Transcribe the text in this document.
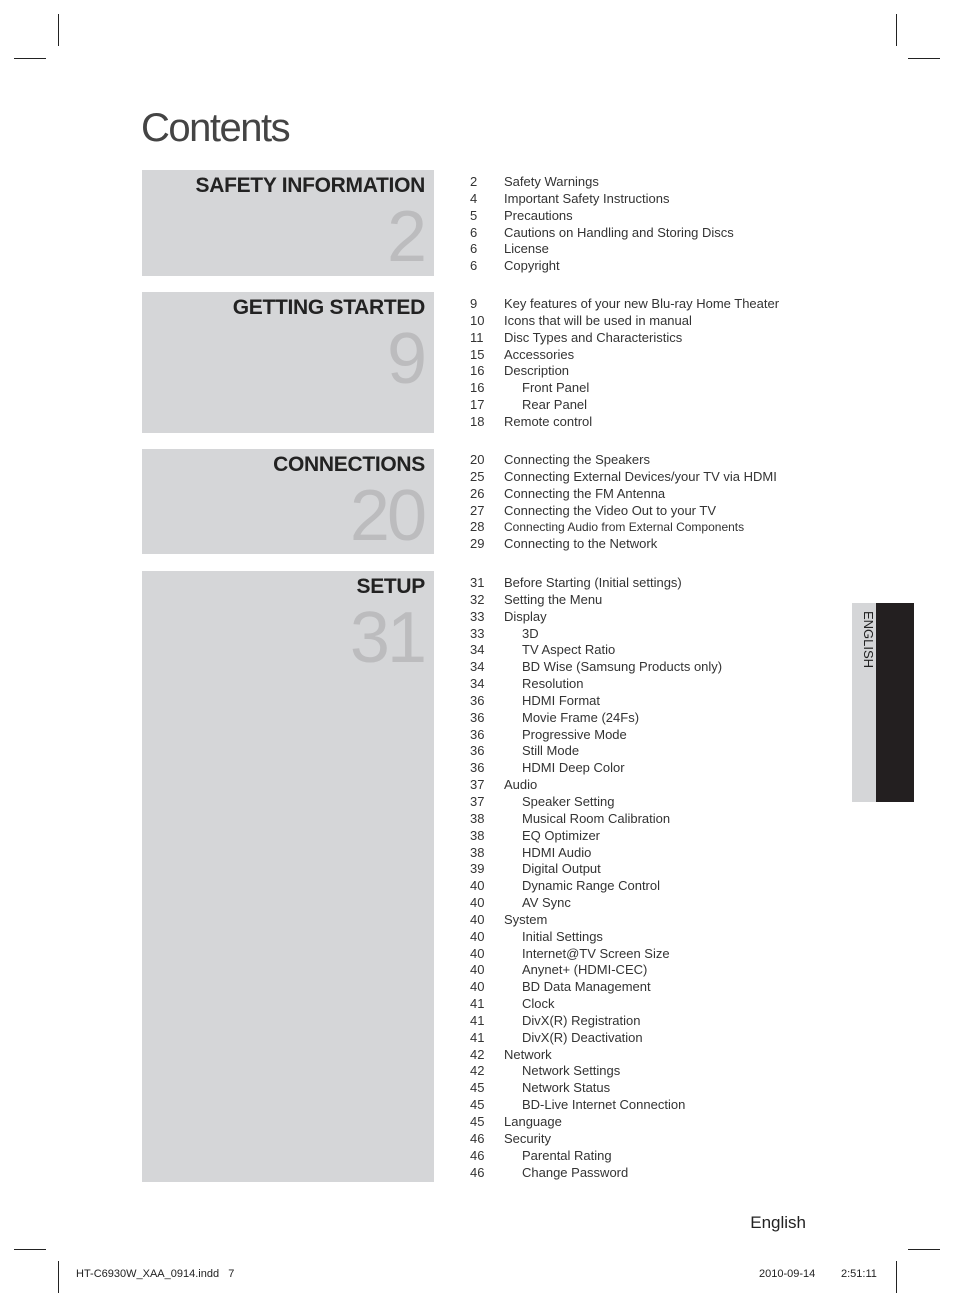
Contents
SAFETY INFORMATION
2
2 Safety Warnings
4 Important Safety Instructions
5 Precautions
6 Cautions on Handling and Storing Discs
6 License
6 Copyright
GETTING STARTED
9
9 Key features of your new Blu-ray Home Theater
10 Icons that will be used in manual
11 Disc Types and Characteristics
15 Accessories
16 Description
16	Front Panel
17	Rear Panel
18 Remote control
CONNECTIONS
20
20 Connecting the Speakers
25 Connecting External Devices/your TV via HDMI
26 Connecting the FM Antenna
27 Connecting the Video Out to your TV
28 Connecting Audio from External Components
29 Connecting to the Network
SETUP
31
31 Before Starting (Initial settings)
32 Setting the Menu
33 Display
33	3D
34	TV Aspect Ratio
34	BD Wise (Samsung Products only)
34	Resolution
36	HDMI Format
36	Movie Frame (24Fs)
36	Progressive Mode
36	Still Mode
36	HDMI Deep Color
37 Audio
37	Speaker Setting
38	Musical Room Calibration
38	EQ Optimizer
38	HDMI Audio
39	Digital Output
40	Dynamic Range Control
40	AV Sync
40 System
40	Initial Settings
40	Internet@TV Screen Size
40	Anynet+ (HDMI-CEC)
40	BD Data Management
41	Clock
41	DivX(R) Registration
41	DivX(R) Deactivation
42 Network
42	Network Settings
45	Network Status
45	BD-Live Internet Connection
45 Language
46 Security
46	Parental Rating
46	Change Password
ENGLISH
English
HT-C6930W_XAA_0914.indd   7	2010-09-14 2:51:11
